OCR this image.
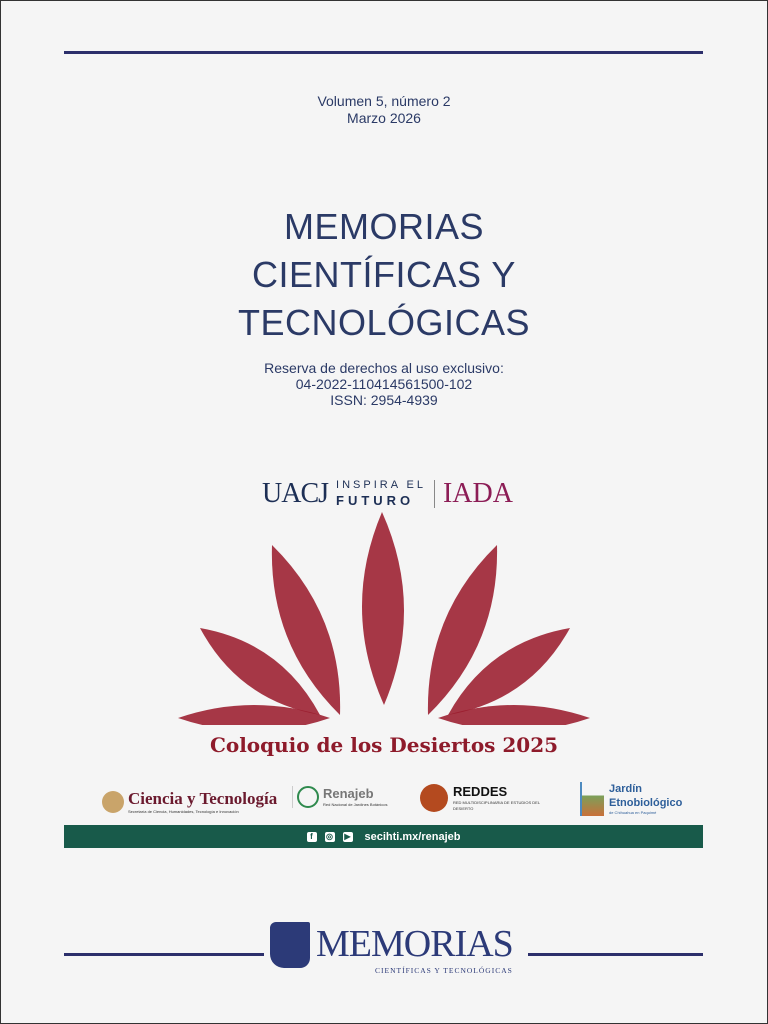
Volumen 5, número 2
Marzo 2026
MEMORIAS
CIENTÍFICAS Y
TECNOLÓGICAS
Reserva de derechos al uso exclusivo:
04-2022-110414561500-102
ISSN: 2954-4939
UACJ INSPIRA EL
FUTURO	IADA
Coloquio de los Desiertos 2025
Ciencia y Tecnología
Secretaría de Ciencia, Humanidades, Tecnología e Innovación
Renajeb
Red Nacional de Jardines Botánicos
REDDES
RED MULTIDISCIPLINARIA DE ESTUDIOS DEL DESIERTO
Jardín
Etnobiológico
de Chihuahua en Paquimé
f	◎ ▶ secihti.mx/renajeb
MEMORIAS
CIENTÍFICAS Y TECNOLÓGICAS
